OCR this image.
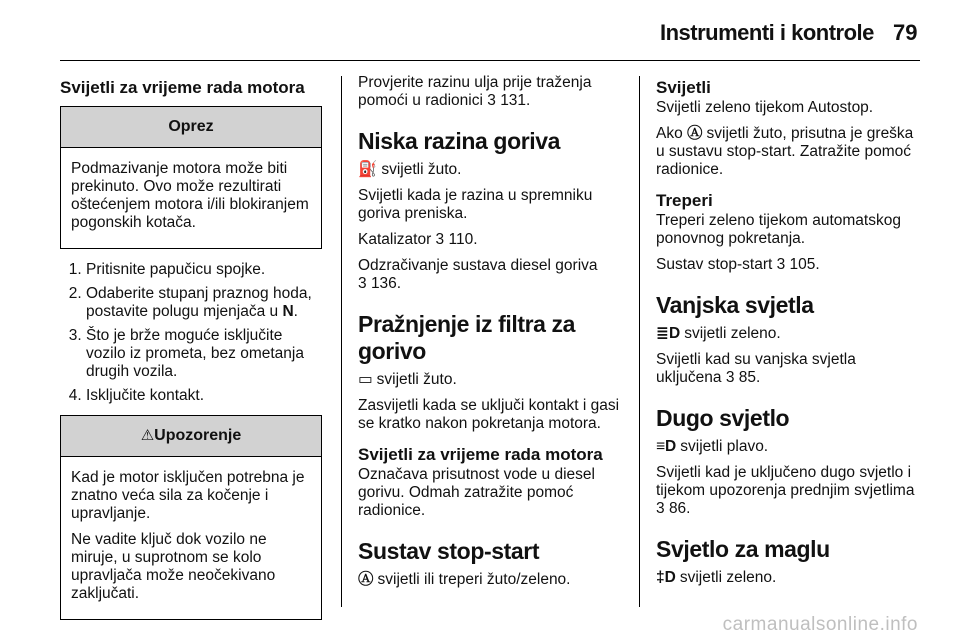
Instrumenti i kontrole 79
Svijetli za vrijeme rada motora
Oprez

Podmazivanje motora može biti prekinuto. Ovo može rezultirati oštećenjem motora i/ili blokiranjem pogonskih kotača.

1. Pritisnite papučicu spojke.
2. Odaberite stupanj praznog hoda, postavite polugu mjenjača u N.
3. Što je brže moguće isključite vozilo iz prometa, bez ometanja drugih vozila.
4. Isključite kontakt.
⚠Upozorenje

Kad je motor isključen potrebna je znatno veća sila za kočenje i upravljanje.

Ne vadite ključ dok vozilo ne miruje, u suprotnom se kolo upravljača može neočekivano zaključati.

Provjerite razinu ulja prije traženja pomoći u radionici 3 131.

Niska razina goriva

⛽ svijetli žuto.

Svijetli kada je razina u spremniku goriva preniska.

Katalizator 3 110.

Odzračivanje sustava diesel goriva
3 136.

Pražnjenje iz filtra za gorivo

▭ svijetli žuto.

Zasvijetli kada se uključi kontakt i gasi se kratko nakon pokretanja motora.

Svijetli za vrijeme rada motora

Označava prisutnost vode u diesel gorivu. Odmah zatražite pomoć radionice.

Sustav stop-start

Ⓐ svijetli ili treperi žuto/zeleno.

Svijetli

Svijetli zeleno tijekom Autostop.

Ako Ⓐ svijetli žuto, prisutna je greška u sustavu stop-start. Zatražite pomoć radionice.

Treperi

Treperi zeleno tijekom automatskog ponovnog pokretanja.

Sustav stop-start 3 105.

Vanjska svjetla

≣D svijetli zeleno.

Svijetli kad su vanjska svjetla uključena 3 85.

Dugo svjetlo

≡D svijetli plavo.

Svijetli kad je uključeno dugo svjetlo i tijekom upozorenja prednjim svjetlima 3 86.

Svjetlo za maglu

‡D svijetli zeleno.

carmanualsonline.info
